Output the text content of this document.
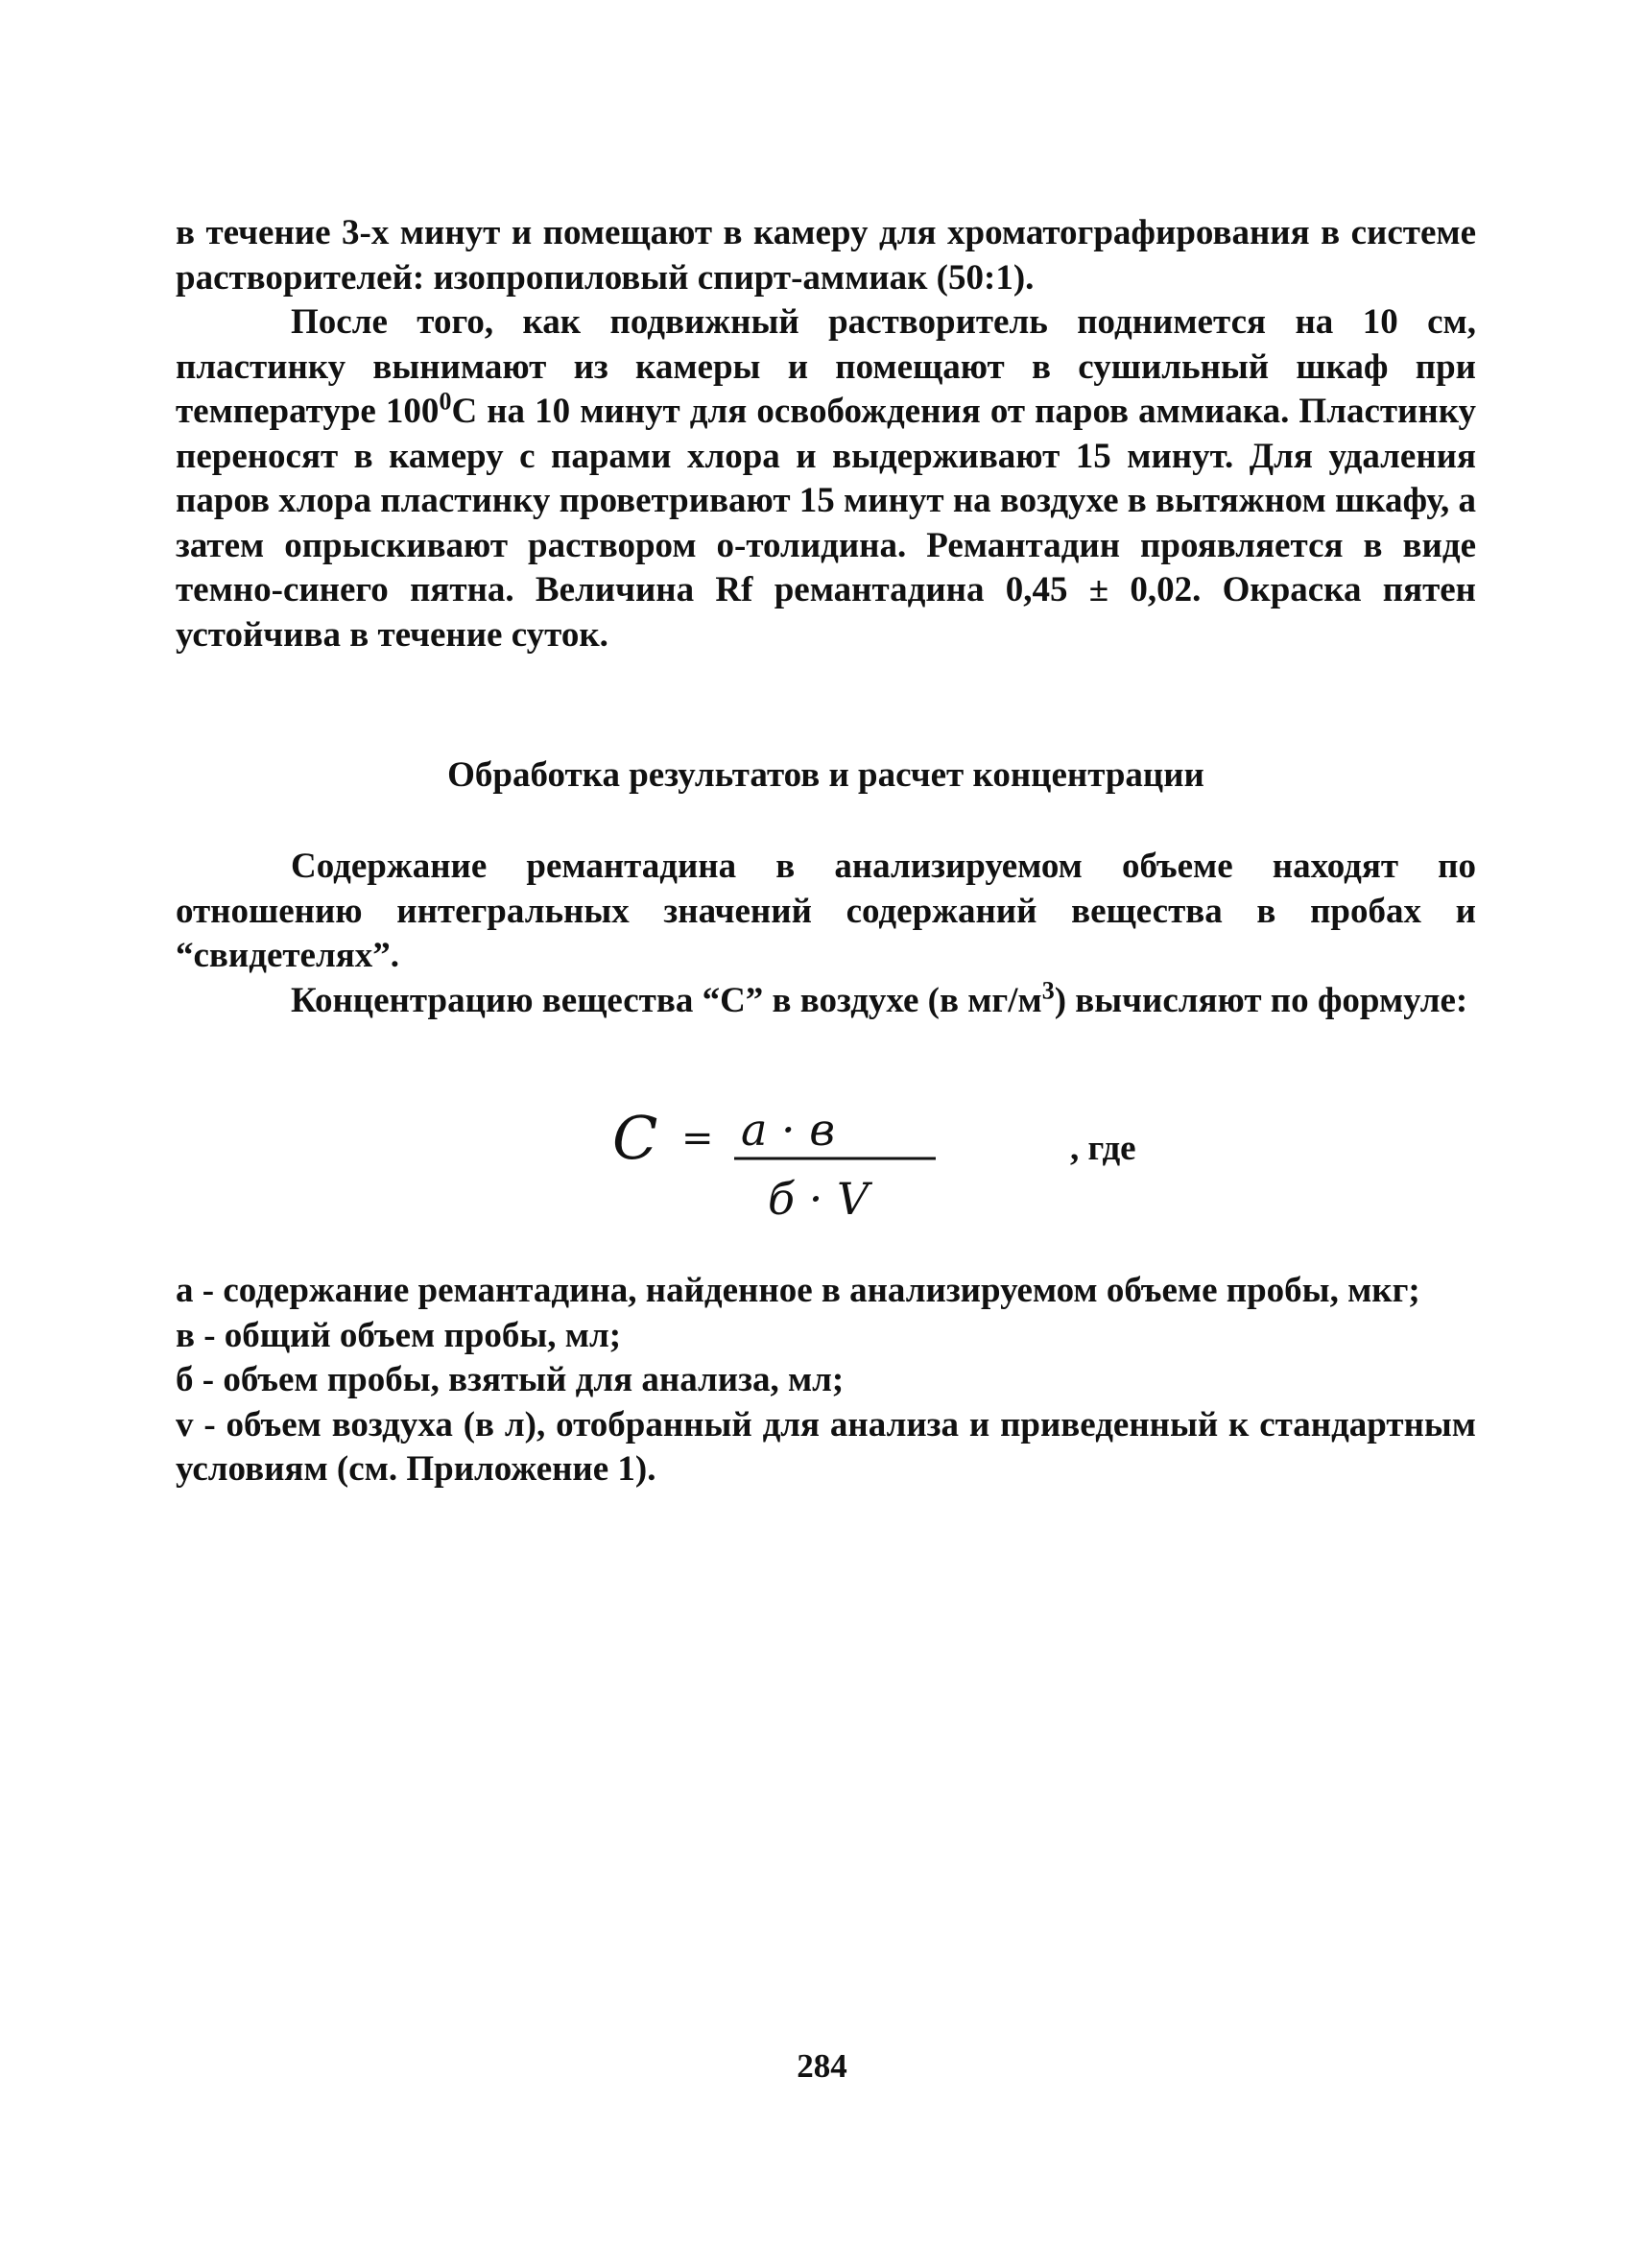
в течение 3-х минут и помещают в камеру для хроматографирования в системе растворителей: изопропиловый спирт-аммиак (50:1).

После того, как подвижный растворитель поднимется на 10 см, пластинку вынимают из камеры и помещают в сушильный шкаф при температуре $100^0С$ на 10 минут для освобождения от паров аммиака. Пластинку переносят в камеру с парами хлора и выдерживают 15 минут. Для удаления паров хлора пластинку проветривают 15 минут на воздухе в вытяжном шкафу, а затем опрыскивают раствором о-толидина. Ремантадин проявляется в виде темно-синего пятна. Величина Rf ремантадина 0,45 ± 0,02. Окраска пятен устойчива в течение суток.

Обработка результатов и расчет концентрации

Содержание ремантадина в анализируемом объеме находят по отношению интегральных значений содержаний вещества в пробах и “свидетелях”.

Концентрацию вещества “С” в воздухе (в $мг/м^3$) вычисляют по формуле:

C = a · в
б · V
, где

а - содержание ремантадина, найденное в анализируемом объеме пробы, мкг;

в - общий объем пробы, мл;

б - объем пробы, взятый для анализа, мл;

v - объем воздуха (в л), отобранный для анализа и приведенный к стандартным условиям (см. Приложение 1).

284
